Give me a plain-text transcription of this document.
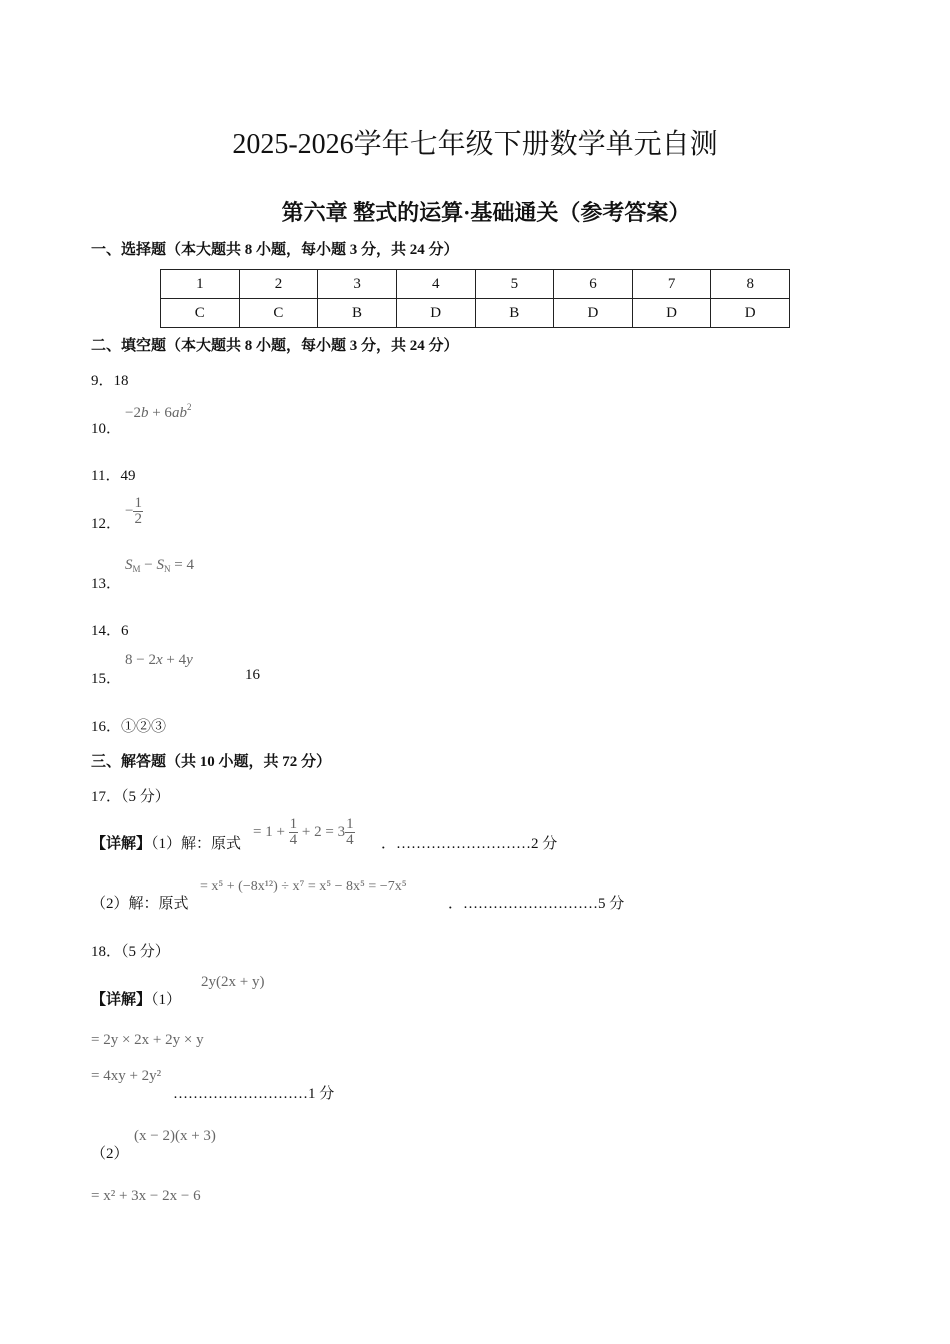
2025-2026学年七年级下册数学单元自测
第六章 整式的运算·基础通关（参考答案）
一、选择题（本大题共 8 小题，每小题 3 分，共 24 分）
1	2	3	4	5	6	7	8
C	C	B	D	B	D	D	D
二、填空题（本大题共 8 小题，每小题 3 分，共 24 分）
9．18
10．
$-2b + 6ab^2$
11．49
12．
− $\frac{1}{2}$
13．
$S_M - S_N = 4$
14．6
15．
8 − 2x + 4y
16
16．①②③
三、解答题（共 10 小题，共 72 分）
17．（5 分）
【详解】（1）解：原式
= $1 + \frac{1}{4} + 2 = 3 \frac{1}{4}$ ．………………………2 分
（2）解：原式
= x⁵ + (−8x¹²) ÷ x⁷ = x⁵ − 8x⁵ = −7x⁵
．………………………5 分
18．（5 分）
【详解】（1）
2y(2x + y)
= 2y × 2x + 2y × y
= 4xy + 2y²
………………………1 分
（2）
(x − 2)(x + 3)
= x² + 3x − 2x − 6
